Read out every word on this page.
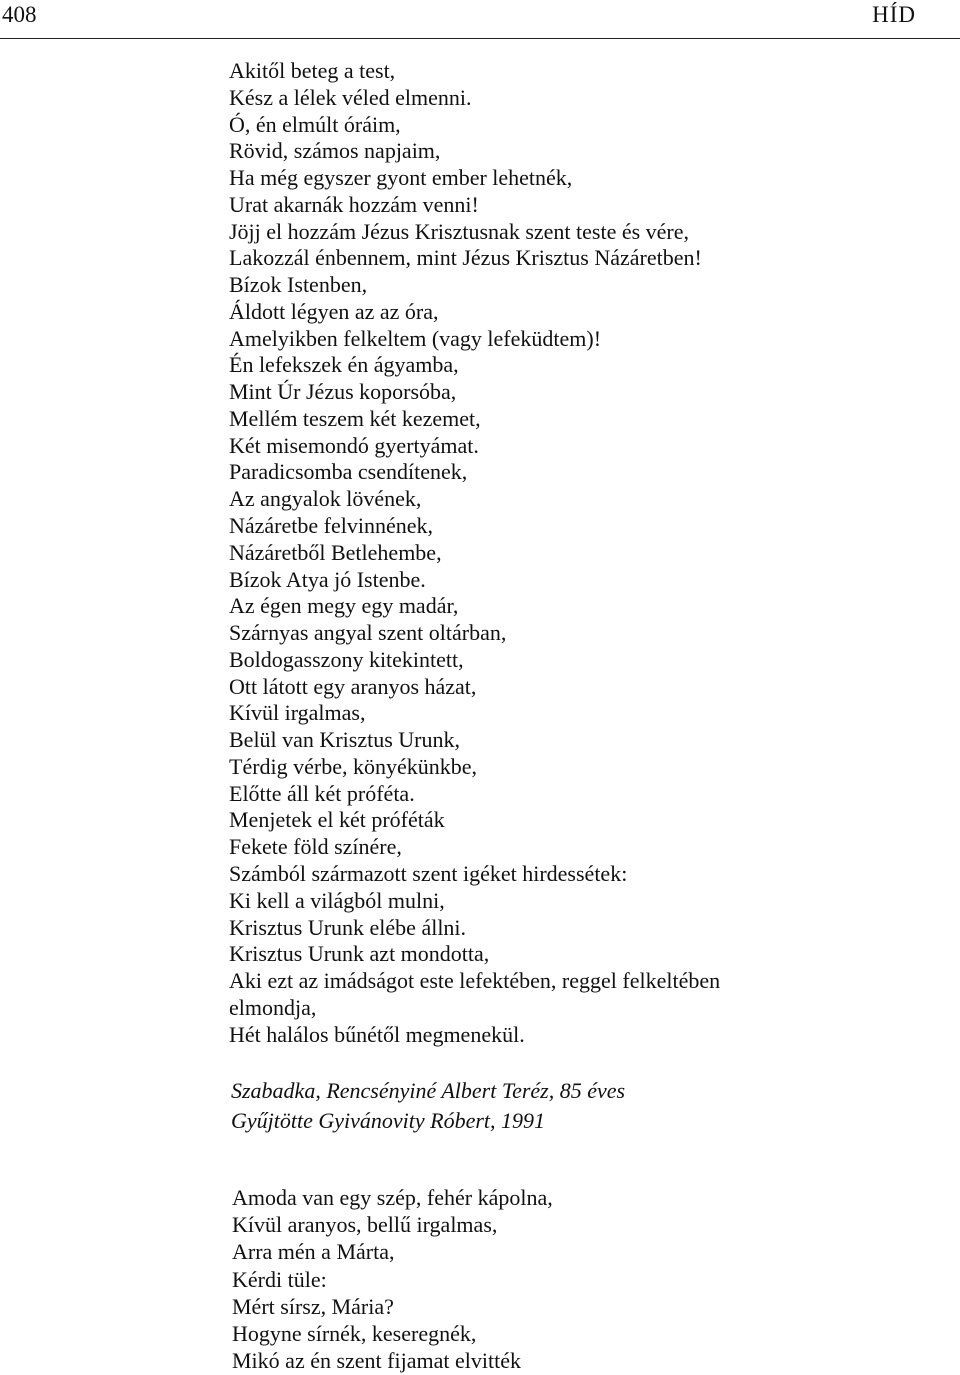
408	HÍD
Akitől beteg a test,
Kész a lélek véled elmenni.
Ó, én elmúlt óráim,
Rövid, számos napjaim,
Ha még egyszer gyont ember lehetnék,
Urat akarnák hozzám venni!
Jöjj el hozzám Jézus Krisztusnak szent teste és vére,
Lakozzál énbennem, mint Jézus Krisztus Názáretben!
Bízok Istenben,
Áldott légyen az az óra,
Amelyikben felkeltem (vagy lefeküdtem)!
Én lefekszek én ágyamba,
Mint Úr Jézus koporsóba,
Mellém teszem két kezemet,
Két misemondó gyertyámat.
Paradicsomba csendítenek,
Az angyalok lövének,
Názáretbe felvinnének,
Názáretből Betlehembe,
Bízok Atya jó Istenbe.
Az égen megy egy madár,
Szárnyas angyal szent oltárban,
Boldogasszony kitekintett,
Ott látott egy aranyos házat,
Kívül irgalmas,
Belül van Krisztus Urunk,
Térdig vérbe, könyékünkbe,
Előtte áll két próféta.
Menjetek el két próféták
Fekete föld színére,
Számból származott szent igéket hirdessétek:
Ki kell a világból mulni,
Krisztus Urunk elébe állni.
Krisztus Urunk azt mondotta,
Aki ezt az imádságot este lefektében, reggel felkeltében
elmondja,
Hét halálos bűnétől megmenekül.
Szabadka, Rencsényiné Albert Teréz, 85 éves
Gyűjtötte Gyivánovity Róbert, 1991
Amoda van egy szép, fehér kápolna,
Kívül aranyos, bellű irgalmas,
Arra mén a Márta,
Kérdi tüle:
Mért sírsz, Mária?
Hogyne sírnék, keseregnék,
Mikó az én szent fijamat elvitték
